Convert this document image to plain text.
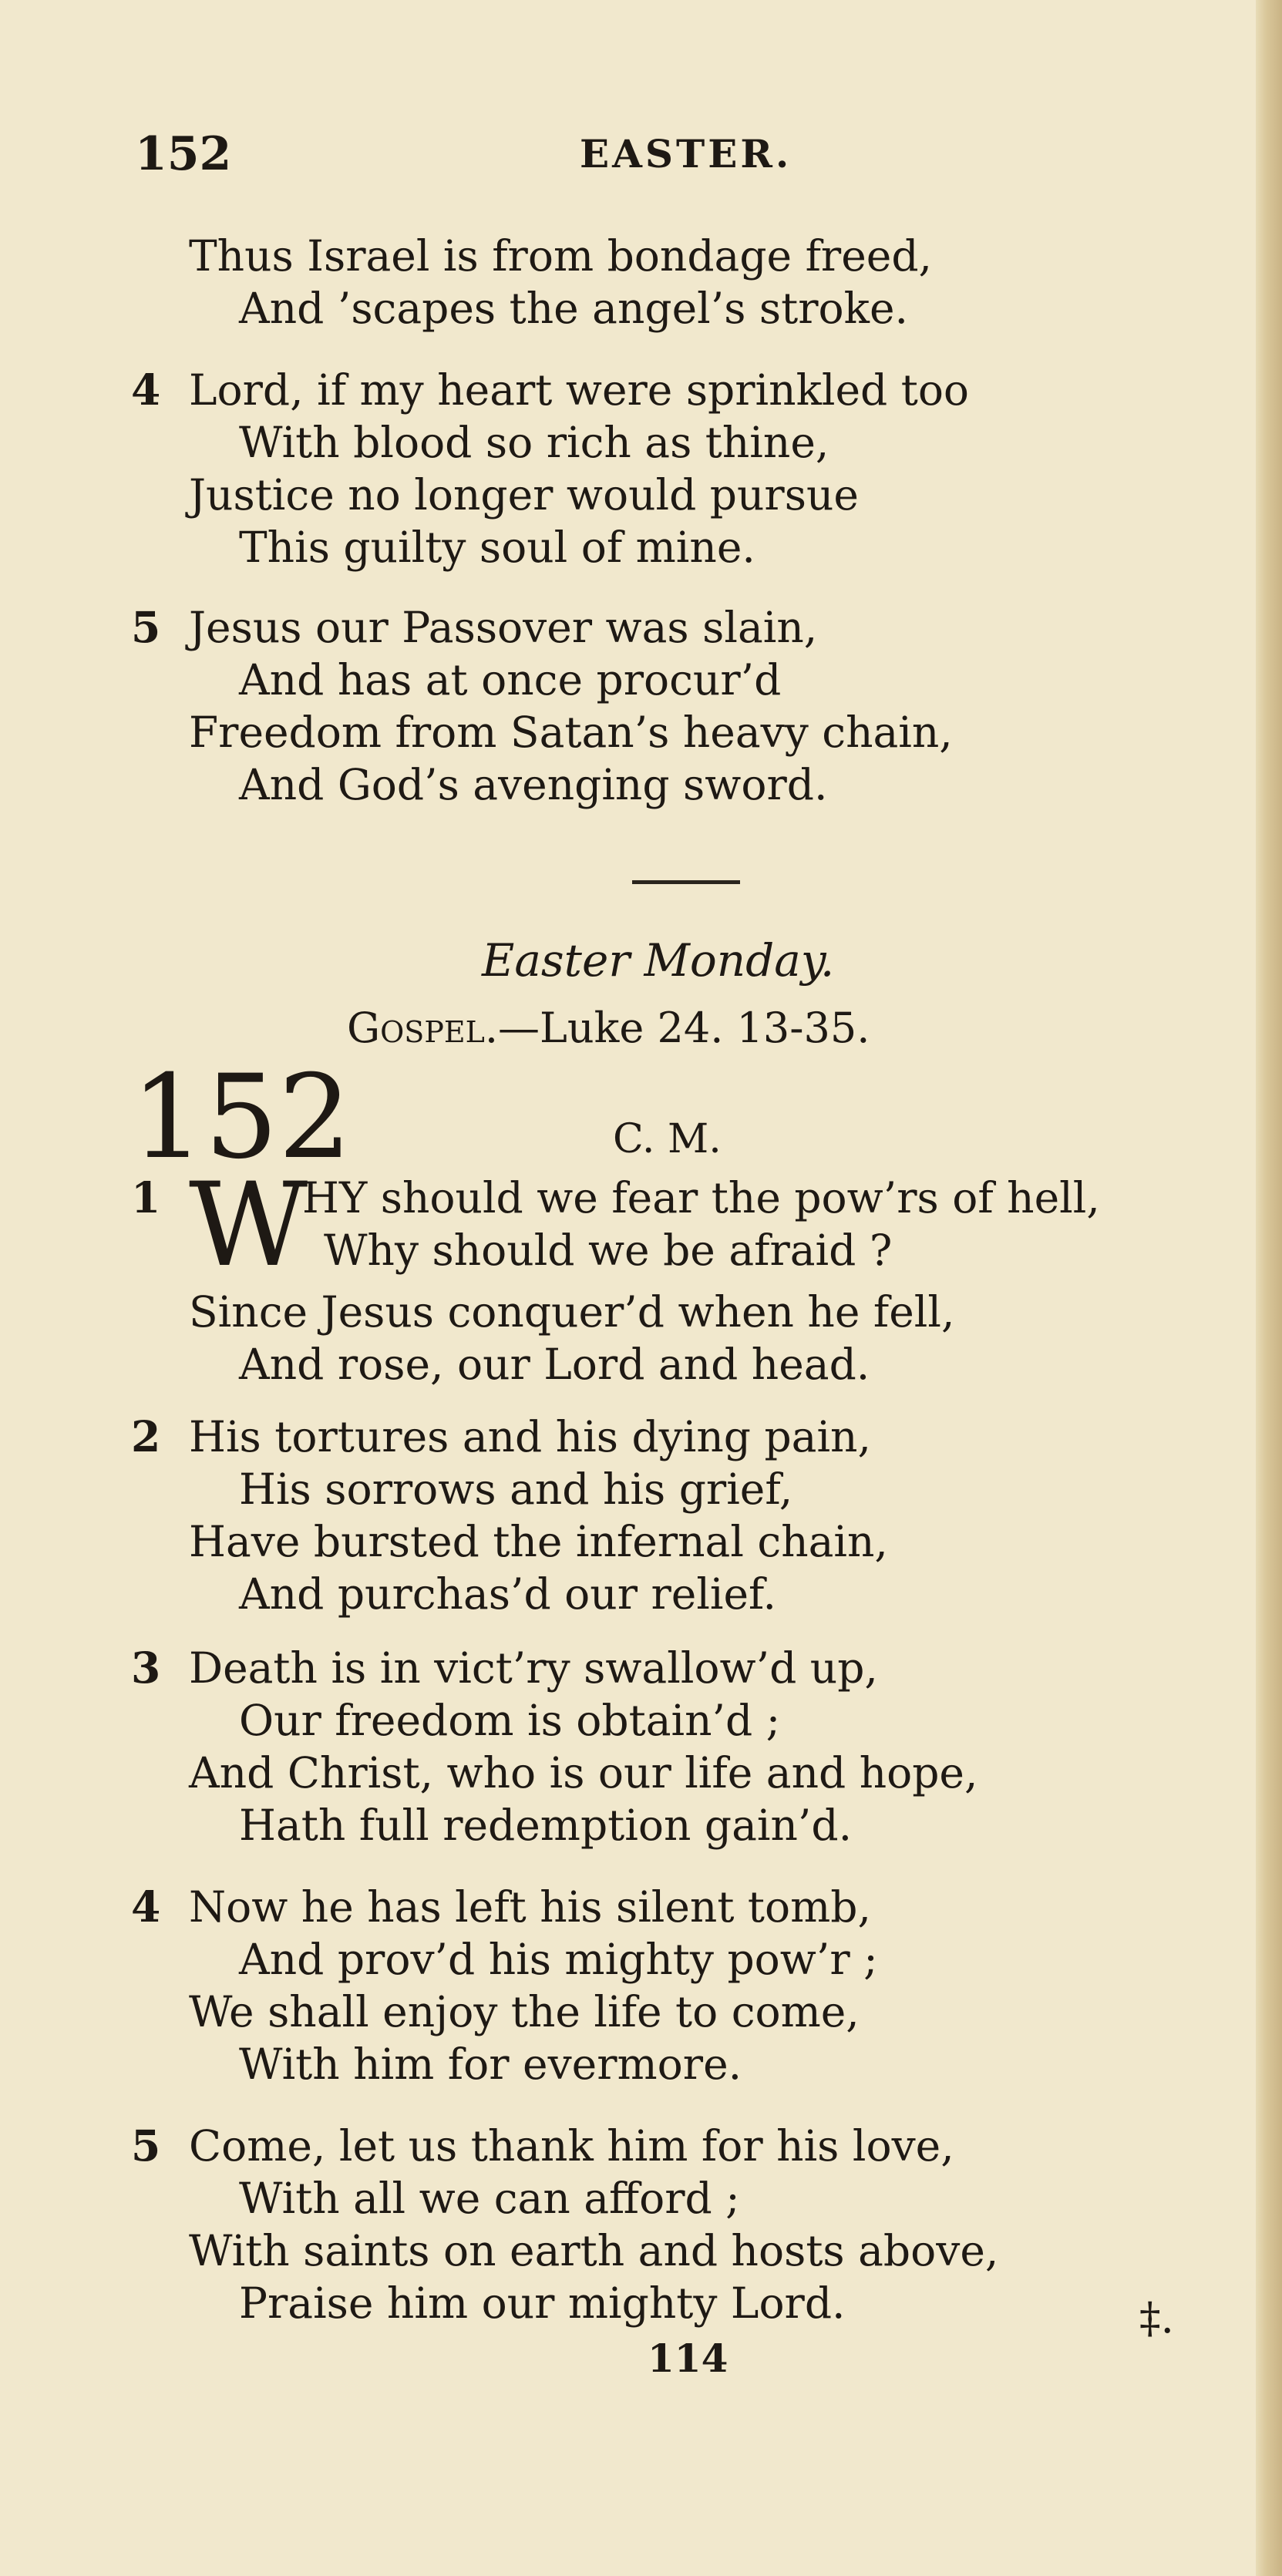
152	EASTER.
Thus Israel is from bondage freed,
And ’scapes the angel’s stroke.
4 Lord, if my heart were sprinkled too
With blood so rich as thine,
Justice no longer would pursue
This guilty soul of mine.
5 Jesus our Passover was slain,
And has at once procur’d
Freedom from Satan’s heavy chain,
And God’s avenging sword.
Easter Monday.
Gospel.—Luke 24. 13-35.
152	C. M.
1 W
HY should we fear the pow’rs of hell,
Why should we be afraid ?
Since Jesus conquer’d when he fell,
And rose, our Lord and head.
2 His tortures and his dying pain,
His sorrows and his grief,
Have bursted the infernal chain,
And purchas’d our relief.
3 Death is in vict’ry swallow’d up,
Our freedom is obtain’d ;
And Christ, who is our life and hope,
Hath full redemption gain’d.
4 Now he has left his silent tomb,
And prov’d his mighty pow’r ;
We shall enjoy the life to come,
With him for evermore.
5 Come, let us thank him for his love,
With all we can afford ;
With saints on earth and hosts above,
Praise him our mighty Lord.	‡.
114
